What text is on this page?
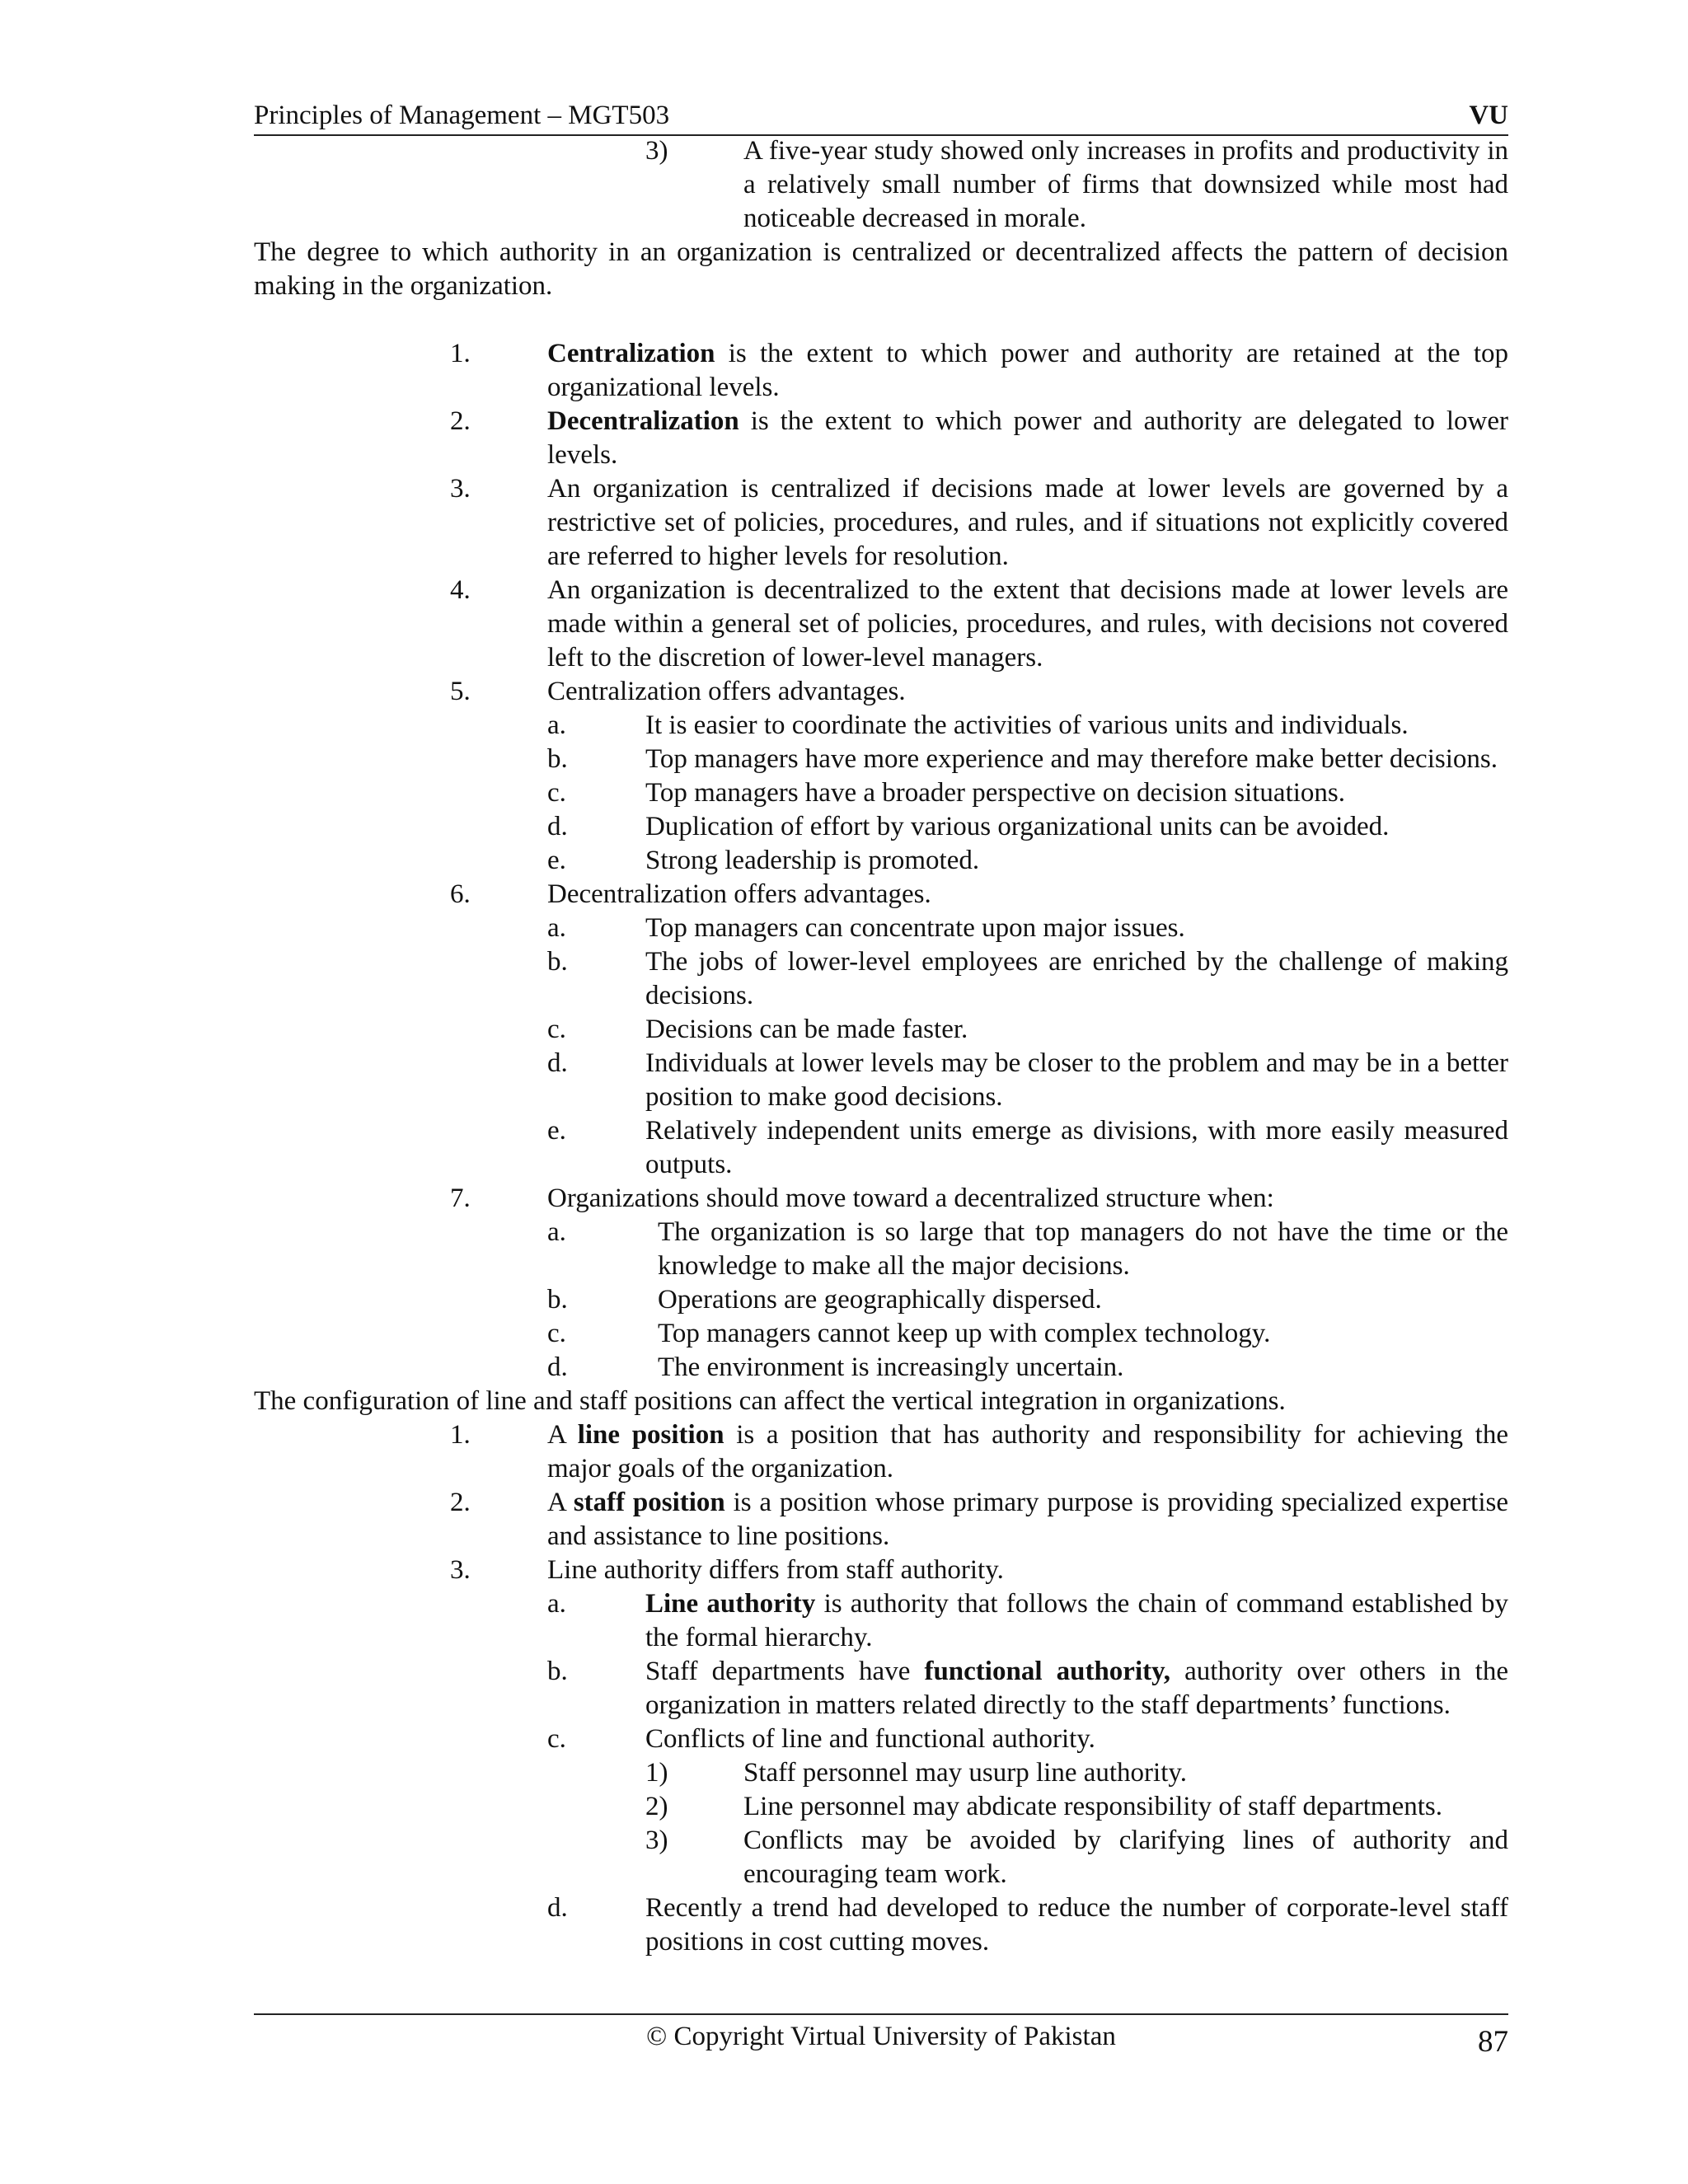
Principles of Management – MGT503	VU
3)	A five-year study showed only increases in profits and productivity in a relatively small number of firms that downsized while most had noticeable decreased in morale.
The degree to which authority in an organization is centralized or decentralized affects the pattern of decision making in the organization.
1.	Centralization is the extent to which power and authority are retained at the top organizational levels.
2.	Decentralization is the extent to which power and authority are delegated to lower levels.
3.	An organization is centralized if decisions made at lower levels are governed by a restrictive set of policies, procedures, and rules, and if situations not explicitly covered are referred to higher levels for resolution.
4.	An organization is decentralized to the extent that decisions made at lower levels are made within a general set of policies, procedures, and rules, with decisions not covered left to the discretion of lower-level managers.
5.	Centralization offers advantages.
a.	It is easier to coordinate the activities of various units and individuals.
b.	Top managers have more experience and may therefore make better decisions.
c.	Top managers have a broader perspective on decision situations.
d.	Duplication of effort by various organizational units can be avoided.
e.	Strong leadership is promoted.
6.	Decentralization offers advantages.
a.	Top managers can concentrate upon major issues.
b.	The jobs of lower-level employees are enriched by the challenge of making decisions.
c.	Decisions can be made faster.
d.	Individuals at lower levels may be closer to the problem and may be in a better position to make good decisions.
e.	Relatively independent units emerge as divisions, with more easily measured outputs.
7.	Organizations should move toward a decentralized structure when:
a.	The organization is so large that top managers do not have the time or the knowledge to make all the major decisions.
b.	Operations are geographically dispersed.
c.	Top managers cannot keep up with complex technology.
d.	The environment is increasingly uncertain.
The configuration of line and staff positions can affect the vertical integration in organizations.
1.	A line position is a position that has authority and responsibility for achieving the major goals of the organization.
2.	A staff position is a position whose primary purpose is providing specialized expertise and assistance to line positions.
3.	Line authority differs from staff authority.
a.	Line authority is authority that follows the chain of command established by the formal hierarchy.
b.	Staff departments have functional authority, authority over others in the organization in matters related directly to the staff departments’ functions.
c.	Conflicts of line and functional authority.
1)	Staff personnel may usurp line authority.
2)	Line personnel may abdicate responsibility of staff departments.
3)	Conflicts may be avoided by clarifying lines of authority and encouraging team work.
d.	Recently a trend had developed to reduce the number of corporate-level staff positions in cost cutting moves.
© Copyright Virtual University of Pakistan	87
